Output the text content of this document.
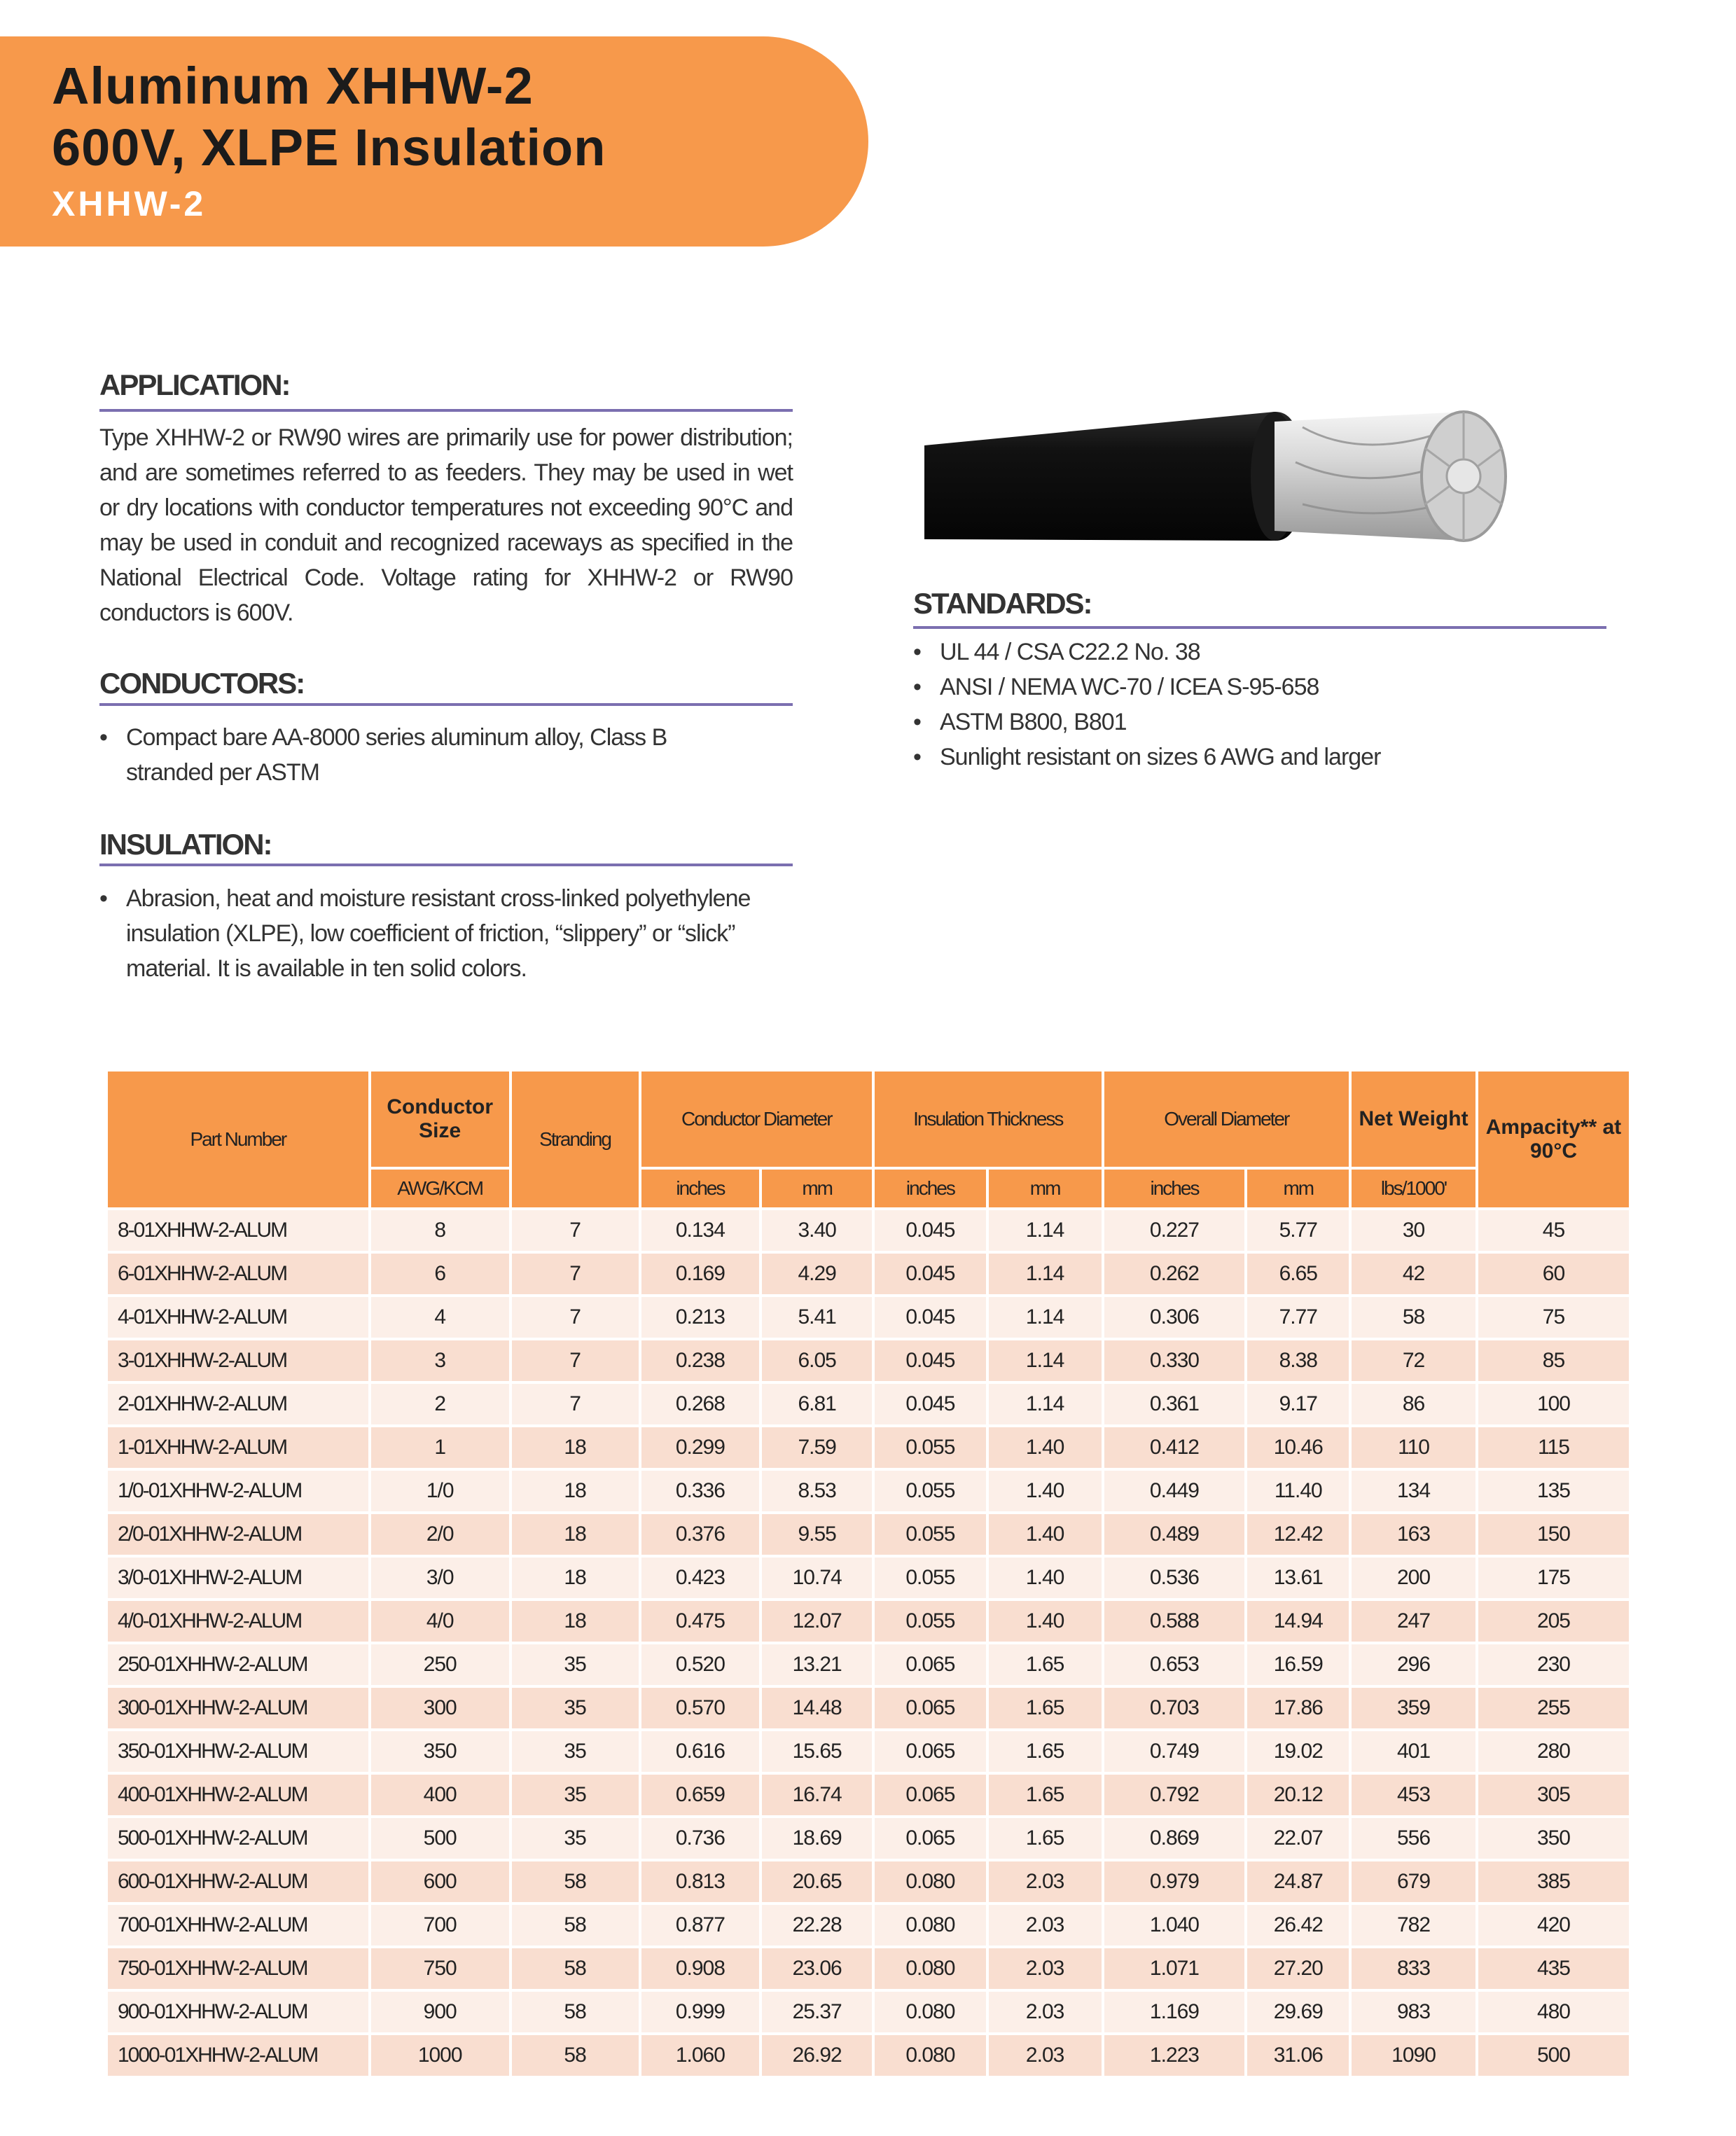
Aluminum XHHW-2
600V, XLPE Insulation
XHHW-2
APPLICATION:
Type XHHW-2 or RW90 wires are primarily use for power distribution; and are sometimes referred to as feeders. They may be used in wet or dry locations with conductor temperatures not exceeding 90°C and may be used in conduit and recognized raceways as specified in the National Electrical Code. Voltage rating for XHHW-2 or RW90 conductors is 600V.
CONDUCTORS:
• Compact bare AA-8000 series aluminum alloy, Class B stranded per ASTM
INSULATION:
• Abrasion, heat and moisture resistant cross-linked polyethylene insulation (XLPE), low coefficient of friction, “slippery” or “slick” material. It is available in ten solid colors.
STANDARDS:
• UL 44 / CSA C22.2 No. 38
• ANSI / NEMA WC-70 / ICEA S-95-658
• ASTM B800, B801
• Sunlight resistant on sizes 6 AWG and larger
Part Number	Conductor Size	Stranding	Conductor Diameter		Insulation Thickness		Overall Diameter		Net Weight	Ampacity** at 90°C
	AWG/KCM		inches	mm	inches	mm	inches	mm	lbs/1000'	
8-01XHHW-2-ALUM	8	7	0.134	3.40	0.045	1.14	0.227	5.77	30	45
6-01XHHW-2-ALUM	6	7	0.169	4.29	0.045	1.14	0.262	6.65	42	60
4-01XHHW-2-ALUM	4	7	0.213	5.41	0.045	1.14	0.306	7.77	58	75
3-01XHHW-2-ALUM	3	7	0.238	6.05	0.045	1.14	0.330	8.38	72	85
2-01XHHW-2-ALUM	2	7	0.268	6.81	0.045	1.14	0.361	9.17	86	100
1-01XHHW-2-ALUM	1	18	0.299	7.59	0.055	1.40	0.412	10.46	110	115
1/0-01XHHW-2-ALUM	1/0	18	0.336	8.53	0.055	1.40	0.449	11.40	134	135
2/0-01XHHW-2-ALUM	2/0	18	0.376	9.55	0.055	1.40	0.489	12.42	163	150
3/0-01XHHW-2-ALUM	3/0	18	0.423	10.74	0.055	1.40	0.536	13.61	200	175
4/0-01XHHW-2-ALUM	4/0	18	0.475	12.07	0.055	1.40	0.588	14.94	247	205
250-01XHHW-2-ALUM	250	35	0.520	13.21	0.065	1.65	0.653	16.59	296	230
300-01XHHW-2-ALUM	300	35	0.570	14.48	0.065	1.65	0.703	17.86	359	255
350-01XHHW-2-ALUM	350	35	0.616	15.65	0.065	1.65	0.749	19.02	401	280
400-01XHHW-2-ALUM	400	35	0.659	16.74	0.065	1.65	0.792	20.12	453	305
500-01XHHW-2-ALUM	500	35	0.736	18.69	0.065	1.65	0.869	22.07	556	350
600-01XHHW-2-ALUM	600	58	0.813	20.65	0.080	2.03	0.979	24.87	679	385
700-01XHHW-2-ALUM	700	58	0.877	22.28	0.080	2.03	1.040	26.42	782	420
750-01XHHW-2-ALUM	750	58	0.908	23.06	0.080	2.03	1.071	27.20	833	435
900-01XHHW-2-ALUM	900	58	0.999	25.37	0.080	2.03	1.169	29.69	983	480
1000-01XHHW-2-ALUM	1000	58	1.060	26.92	0.080	2.03	1.223	31.06	1090	500
